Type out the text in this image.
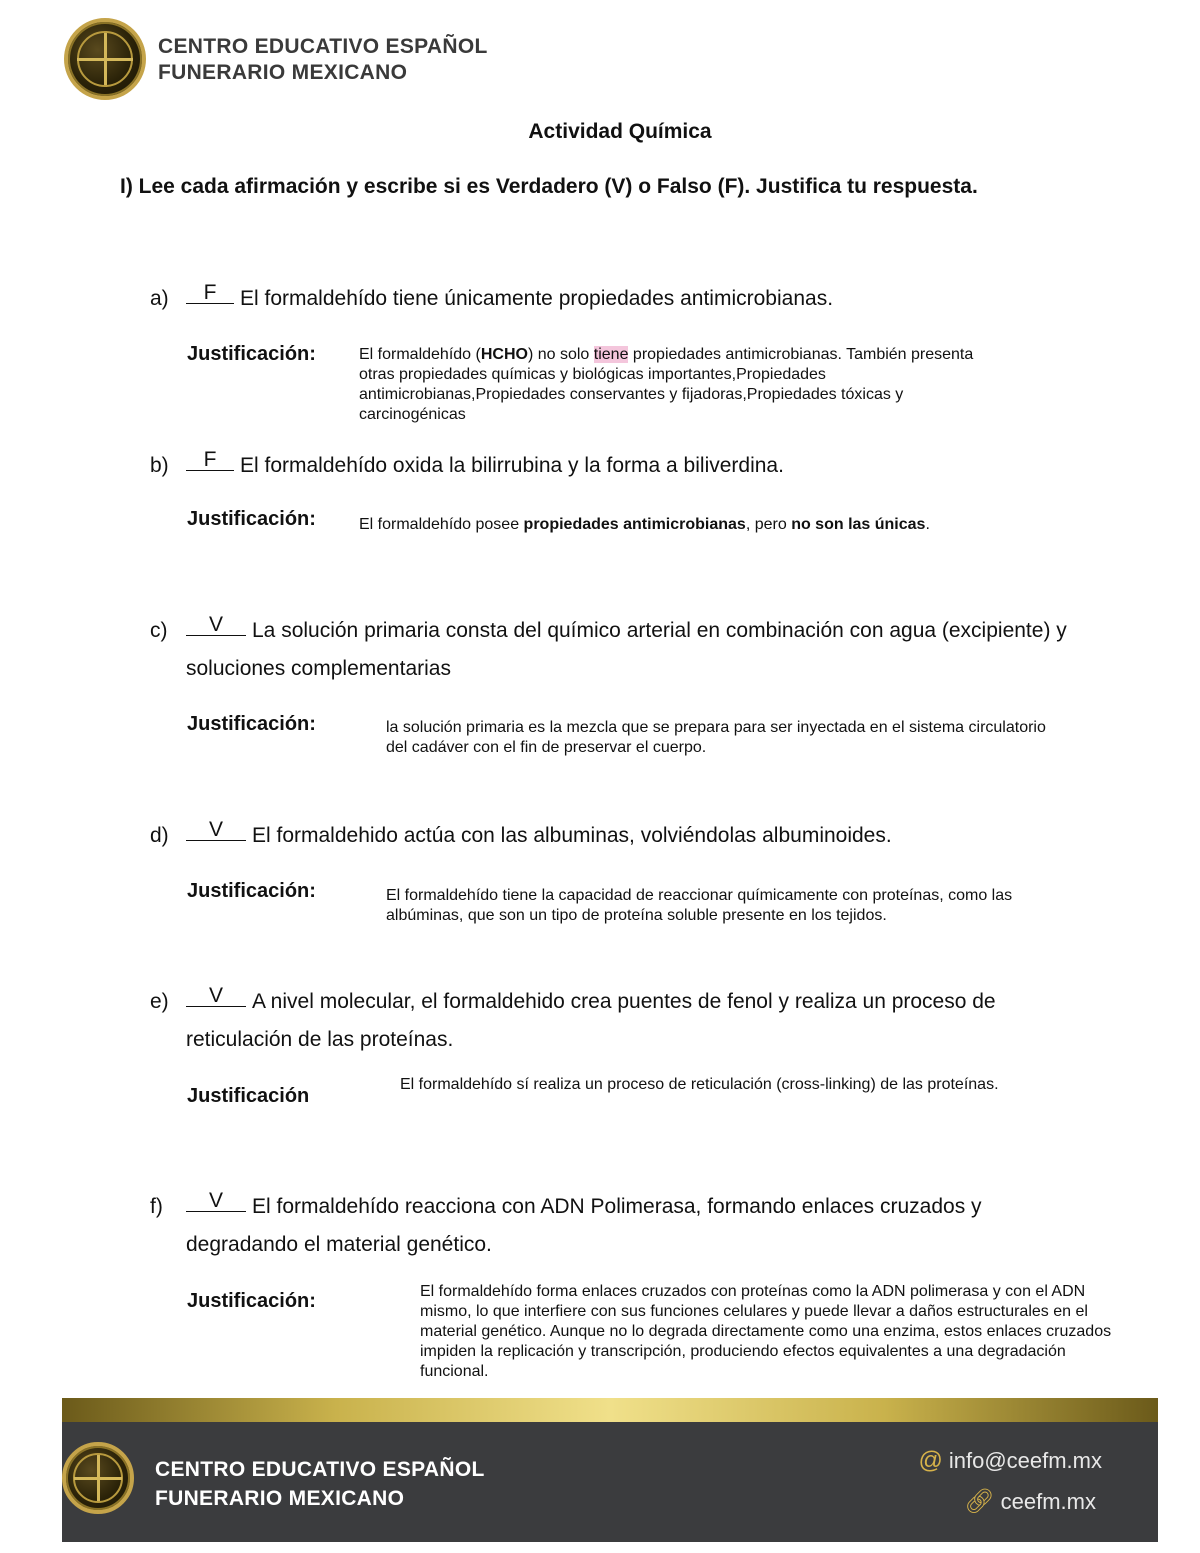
CENTRO EDUCATIVO ESPAÑOL
FUNERARIO MEXICANO
Actividad Química
I) Lee cada afirmación y escribe si es Verdadero (V) o Falso (F). Justifica tu respuesta.
a) F El formaldehído tiene únicamente propiedades antimicrobianas.
Justificación:	El formaldehído (HCHO) no solo tiene propiedades antimicrobianas. También presenta otras propiedades químicas y biológicas importantes,Propiedades antimicrobianas,Propiedades conservantes y fijadoras,Propiedades tóxicas y carcinogénicas
b) F El formaldehído oxida la bilirrubina y la forma a biliverdina.
Justificación:	El formaldehído posee propiedades antimicrobianas, pero no son las únicas.
c) V La solución primaria consta del químico arterial en combinación con agua (excipiente) y
soluciones complementarias
Justificación:	la solución primaria es la mezcla que se prepara para ser inyectada en el sistema circulatorio del cadáver con el fin de preservar el cuerpo.
d) V El formaldehido actúa con las albuminas, volviéndolas albuminoides.
Justificación:	El formaldehído tiene la capacidad de reaccionar químicamente con proteínas, como las albúminas, que son un tipo de proteína soluble presente en los tejidos.
e) V A nivel molecular, el formaldehido crea puentes de fenol y realiza un proceso de
reticulación de las proteínas.
Justificación
El formaldehído sí realiza un proceso de reticulación (cross-linking) de las proteínas.
f) V El formaldehído reacciona con ADN Polimerasa, formando enlaces cruzados y
degradando el material genético.
Justificación:	El formaldehído forma enlaces cruzados con proteínas como la ADN polimerasa y con el ADN mismo, lo que interfiere con sus funciones celulares y puede llevar a daños estructurales en el material genético. Aunque no lo degrada directamente como una enzima, estos enlaces cruzados impiden la replicación y transcripción, produciendo efectos equivalentes a una degradación funcional.
CENTRO EDUCATIVO ESPAÑOL
FUNERARIO MEXICANO
@ info@ceefm.mx
🔗︎ ceefm.mx
